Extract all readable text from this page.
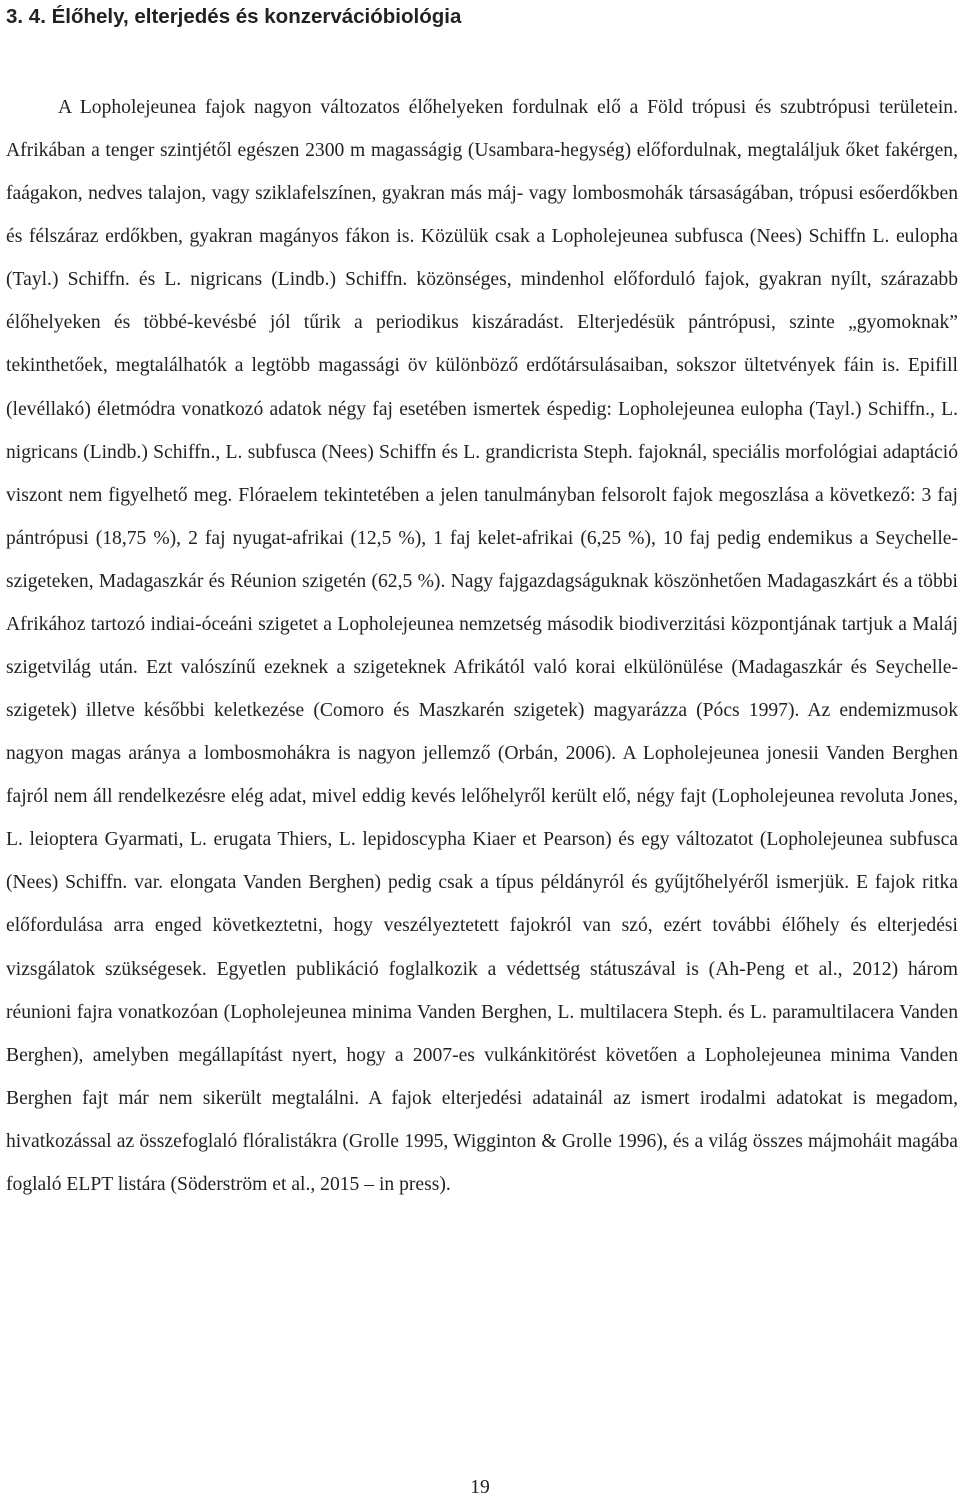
3. 4. Élőhely, elterjedés és konzervációbiológia

A Lopholejeunea fajok nagyon változatos élőhelyeken fordulnak elő a Föld trópusi és szubtrópusi területein. Afrikában a tenger szintjétől egészen 2300 m magasságig (Usambara-hegység) előfordulnak, megtaláljuk őket fakérgen, faágakon, nedves talajon, vagy sziklafelszínen, gyakran más máj- vagy lombosmohák társaságában, trópusi esőerdőkben és félszáraz erdőkben, gyakran magányos fákon is. Közülük csak a Lopholejeunea subfusca (Nees) Schiffn L. eulopha (Tayl.) Schiffn. és L. nigricans (Lindb.) Schiffn. közönséges, mindenhol előforduló fajok, gyakran nyílt, szárazabb élőhelyeken és többé-kevésbé jól tűrik a periodikus kiszáradást. Elterjedésük pántrópusi, szinte „gyomoknak” tekinthetőek, megtalálhatók a legtöbb magassági öv különböző erdőtársulásaiban, sokszor ültetvények fáin is. Epifill (levéllakó) életmódra vonatkozó adatok négy faj esetében ismertek éspedig: Lopholejeunea eulopha (Tayl.) Schiffn., L. nigricans (Lindb.) Schiffn., L. subfusca (Nees) Schiffn és L. grandicrista Steph. fajoknál, speciális morfológiai adaptáció viszont nem figyelhető meg. Flóraelem tekintetében a jelen tanulmányban felsorolt fajok megoszlása a következő: 3 faj pántrópusi (18,75 %), 2 faj nyugat-afrikai (12,5 %), 1 faj kelet-afrikai (6,25 %), 10 faj pedig endemikus a Seychelle-szigeteken, Madagaszkár és Réunion szigetén (62,5 %). Nagy fajgazdagságuknak köszönhetően Madagaszkárt és a többi Afrikához tartozó indiai-óceáni szigetet a Lopholejeunea nemzetség második biodiverzitási központjának tartjuk a Maláj szigetvilág után. Ezt valószínű ezeknek a szigeteknek Afrikától való korai elkülönülése (Madagaszkár és Seychelle-szigetek) illetve későbbi keletkezése (Comoro és Maszkarén szigetek) magyarázza (Pócs 1997). Az endemizmusok nagyon magas aránya a lombosmohákra is nagyon jellemző (Orbán, 2006). A Lopholejeunea jonesii Vanden Berghen fajról nem áll rendelkezésre elég adat, mivel eddig kevés lelőhelyről került elő, négy fajt (Lopholejeunea revoluta Jones, L. leioptera Gyarmati, L. erugata Thiers, L. lepidoscypha Kiaer et Pearson) és egy változatot (Lopholejeunea subfusca (Nees) Schiffn. var. elongata Vanden Berghen) pedig csak a típus példányról és gyűjtőhelyéről ismerjük. E fajok ritka előfordulása arra enged következtetni, hogy veszélyeztetett fajokról van szó, ezért további élőhely és elterjedési vizsgálatok szükségesek. Egyetlen publikáció foglalkozik a védettség státuszával is (Ah-Peng et al., 2012) három réunioni fajra vonatkozóan (Lopholejeunea minima Vanden Berghen, L. multilacera Steph. és L. paramultilacera Vanden Berghen), amelyben megállapítást nyert, hogy a 2007-es vulkánkitörést követően a Lopholejeunea minima Vanden Berghen fajt már nem sikerült megtalálni. A fajok elterjedési adatainál az ismert irodalmi adatokat is megadom, hivatkozással az összefoglaló flóralistákra (Grolle 1995, Wigginton & Grolle 1996), és a világ összes májmoháit magába foglaló ELPT listára (Söderström et al., 2015 – in press).

19
